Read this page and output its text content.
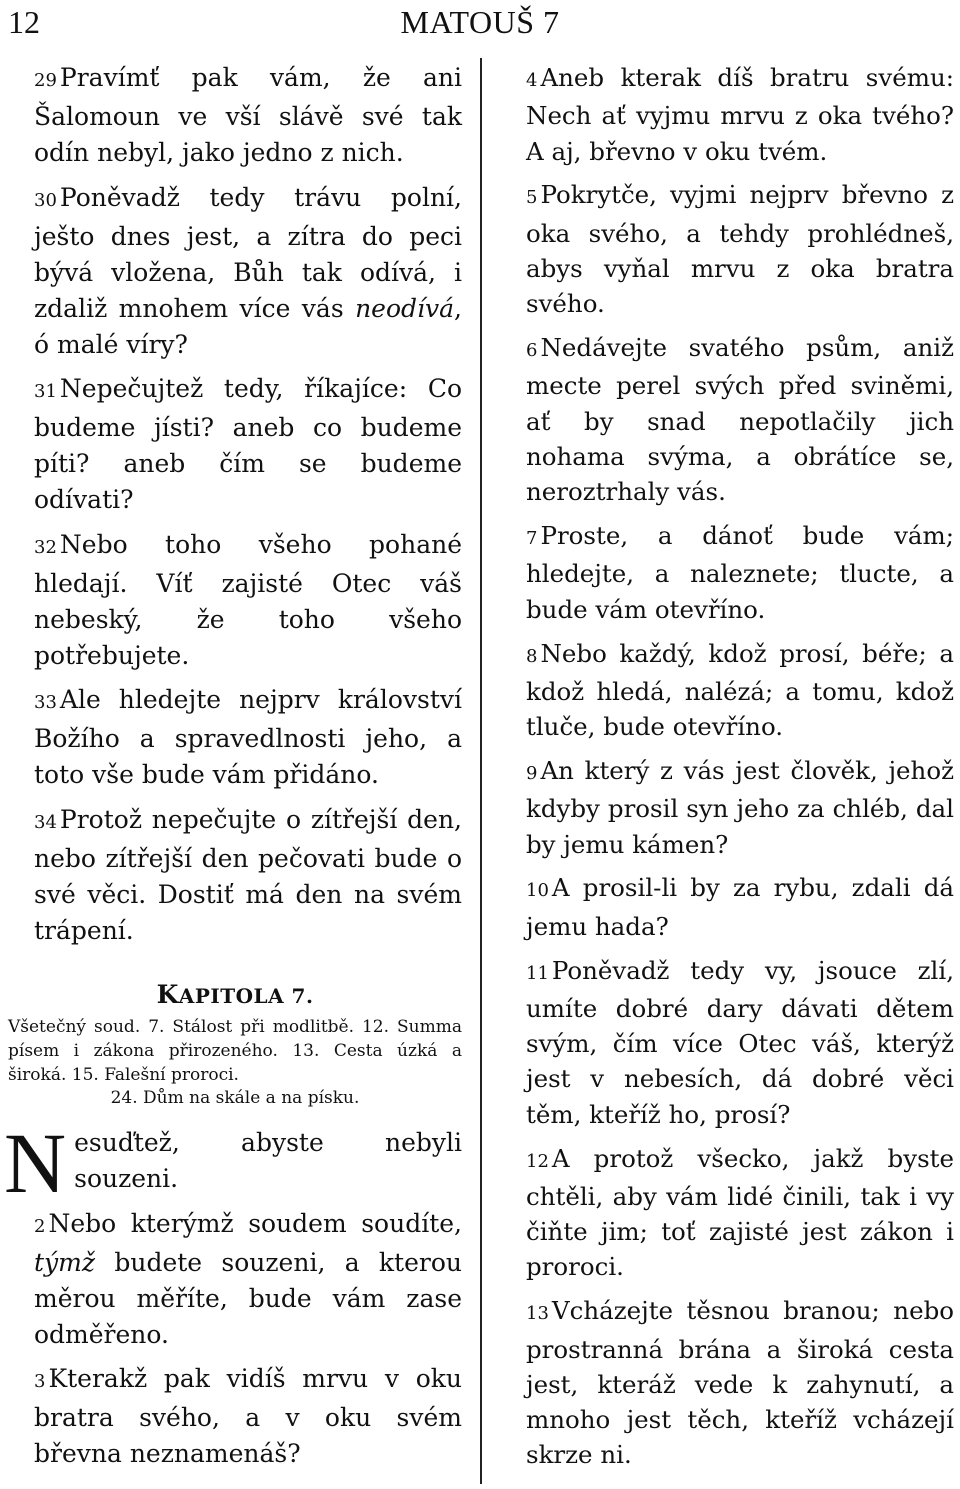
12	MATOUŠ 7

29 Pravímť pak vám, že ani Šalomoun ve vší slávě své tak odín nebyl, jako jedno z nich.

30 Poněvadž tedy trávu polní, ješto dnes jest, a zítra do peci bývá vložena, Bůh tak odívá, i zdaliž mnohem více vás neodívá, ó malé víry?

31 Nepečujtež tedy, říkajíce: Co budeme jísti? aneb co budeme píti? aneb čím se budeme odívati?

32 Nebo toho všeho pohané hledají. Víť zajisté Otec váš nebeský, že toho všeho potřebujete.

33 Ale hledejte nejprv království Božího a spravedlnosti jeho, a toto vše bude vám přidáno.

34 Protož nepečujte o zítřejší den, nebo zítřejší den pečovati bude o své věci. Dostiť má den na svém trápení.

KAPITOLA 7.
Všetečný soud. 7. Stálost při modlitbě. 12. Summa písem i zákona přirozeného. 13. Cesta úzká a široká. 15. Falešní proroci.
24. Dům na skále a na písku.

Nesuďtež, abyste nebyli souzeni.

2 Nebo kterýmž soudem soudíte, týmž budete souzeni, a kterou měrou měříte, bude vám zase odměřeno.

3 Kterakž pak vidíš mrvu v oku bratra svého, a v oku svém břevna neznamenáš?

4 Aneb kterak díš bratru svému: Nech ať vyjmu mrvu z oka tvého? A aj, břevno v oku tvém.

5 Pokrytče, vyjmi nejprv břevno z oka svého, a tehdy prohlédneš, abys vyňal mrvu z oka bratra svého.

6 Nedávejte svatého psům, aniž mecte perel svých před sviněmi, ať by snad nepotlačily jich nohama svýma, a obrátíce se, neroztrhaly vás.

7 Proste, a dánoť bude vám; hledejte, a naleznete; tlucte, a bude vám otevříno.

8 Nebo každý, kdož prosí, béře; a kdož hledá, nalézá; a tomu, kdož tluče, bude otevříno.

9 An který z vás jest člověk, jehož kdyby prosil syn jeho za chléb, dal by jemu kámen?

10 A prosil-li by za rybu, zdali dá jemu hada?

11 Poněvadž tedy vy, jsouce zlí, umíte dobré dary dávati dětem svým, čím více Otec váš, kterýž jest v nebesích, dá dobré věci těm, kteříž ho, prosí?

12 A protož všecko, jakž byste chtěli, aby vám lidé činili, tak i vy čiňte jim; toť zajisté jest zákon i proroci.

13 Vcházejte těsnou branou; nebo prostranná brána a široká cesta jest, kteráž vede k zahynutí, a mnoho jest těch, kteříž vcházejí skrze ni.
